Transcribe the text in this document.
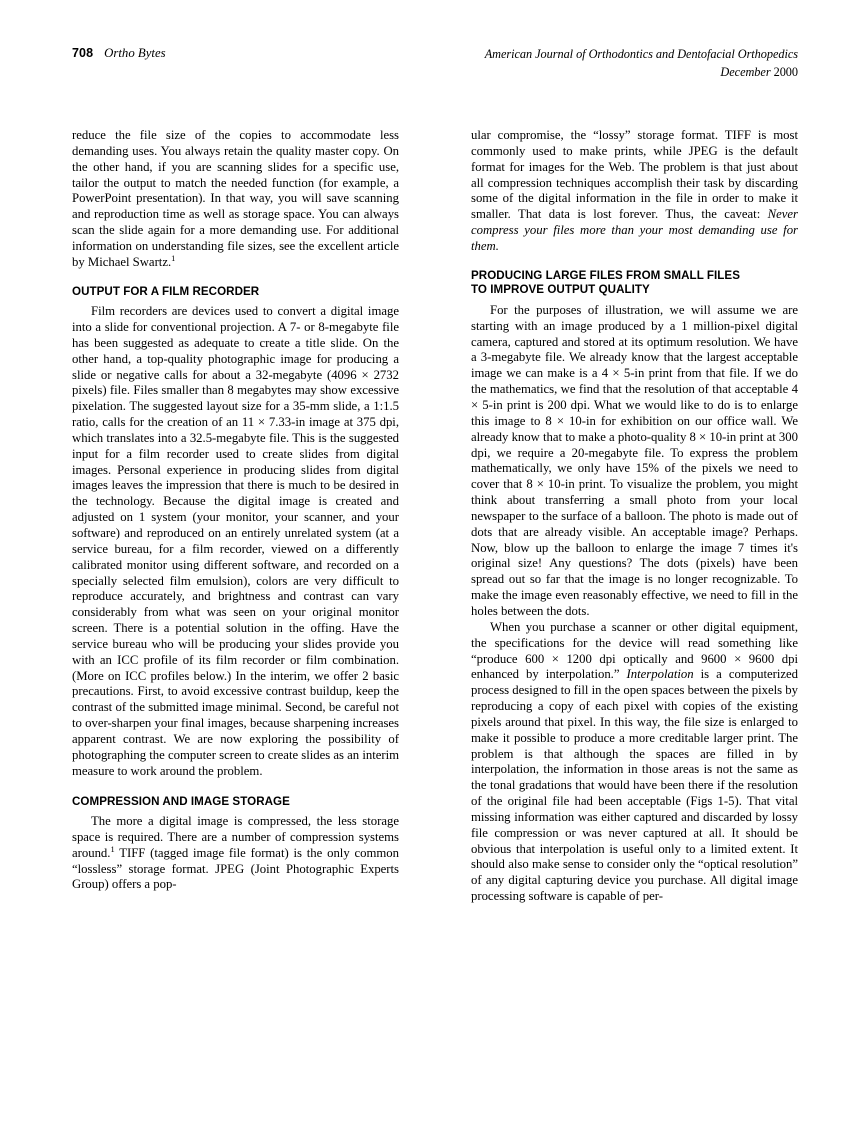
708 Ortho Bytes	American Journal of Orthodontics and Dentofacial Orthopedics
December 2000

reduce the file size of the copies to accommodate less demanding uses. You always retain the quality master copy. On the other hand, if you are scanning slides for a specific use, tailor the output to match the needed function (for example, a PowerPoint presentation). In that way, you will save scanning and reproduction time as well as storage space. You can always scan the slide again for a more demanding use. For additional information on understanding file sizes, see the excellent article by Michael Swartz.$^1$

OUTPUT FOR A FILM RECORDER

Film recorders are devices used to convert a digital image into a slide for conventional projection. A 7- or 8-megabyte file has been suggested as adequate to create a title slide. On the other hand, a top-quality photographic image for producing a slide or negative calls for about a 32-megabyte (4096 × 2732 pixels) file. Files smaller than 8 megabytes may show excessive pixelation. The suggested layout size for a 35-mm slide, a 1:1.5 ratio, calls for the creation of an 11 × 7.33-in image at 375 dpi, which translates into a 32.5-megabyte file. This is the suggested input for a film recorder used to create slides from digital images. Personal experience in producing slides from digital images leaves the impression that there is much to be desired in the technology. Because the digital image is created and adjusted on 1 system (your monitor, your scanner, and your software) and reproduced on an entirely unrelated system (at a service bureau, for a film recorder, viewed on a differently calibrated monitor using different software, and recorded on a specially selected film emulsion), colors are very difficult to reproduce accurately, and brightness and contrast can vary considerably from what was seen on your original monitor screen. There is a potential solution in the offing. Have the service bureau who will be producing your slides provide you with an ICC profile of its film recorder or film combination. (More on ICC profiles below.) In the interim, we offer 2 basic precautions. First, to avoid excessive contrast buildup, keep the contrast of the submitted image minimal. Second, be careful not to over-sharpen your final images, because sharpening increases apparent contrast. We are now exploring the possibility of photographing the computer screen to create slides as an interim measure to work around the problem.

COMPRESSION AND IMAGE STORAGE

The more a digital image is compressed, the less storage space is required. There are a number of compression systems around.$^1$ TIFF (tagged image file format) is the only common “lossless” storage format. JPEG (Joint Photographic Experts Group) offers a pop-

ular compromise, the “lossy” storage format. TIFF is most commonly used to make prints, while JPEG is the default format for images for the Web. The problem is that just about all compression techniques accomplish their task by discarding some of the digital information in the file in order to make it smaller. That data is lost forever. Thus, the caveat: Never compress your files more than your most demanding use for them.

PRODUCING LARGE FILES FROM SMALL FILES
TO IMPROVE OUTPUT QUALITY

For the purposes of illustration, we will assume we are starting with an image produced by a 1 million-pixel digital camera, captured and stored at its optimum resolution. We have a 3-megabyte file. We already know that the largest acceptable image we can make is a 4 × 5-in print from that file. If we do the mathematics, we find that the resolution of that acceptable 4 × 5-in print is 200 dpi. What we would like to do is to enlarge this image to 8 × 10-in for exhibition on our office wall. We already know that to make a photo-quality 8 × 10-in print at 300 dpi, we require a 20-megabyte file. To express the problem mathematically, we only have 15% of the pixels we need to cover that 8 × 10-in print. To visualize the problem, you might think about transferring a small photo from your local newspaper to the surface of a balloon. The photo is made out of dots that are already visible. An acceptable image? Perhaps. Now, blow up the balloon to enlarge the image 7 times it's original size! Any questions? The dots (pixels) have been spread out so far that the image is no longer recognizable. To make the image even reasonably effective, we need to fill in the holes between the dots.

When you purchase a scanner or other digital equipment, the specifications for the device will read something like “produce 600 × 1200 dpi optically and 9600 × 9600 dpi enhanced by interpolation.” Interpolation is a computerized process designed to fill in the open spaces between the pixels by reproducing a copy of each pixel with copies of the existing pixels around that pixel. In this way, the file size is enlarged to make it possible to produce a more creditable larger print. The problem is that although the spaces are filled in by interpolation, the information in those areas is not the same as the tonal gradations that would have been there if the resolution of the original file had been acceptable (Figs 1-5). That vital missing information was either captured and discarded by lossy file compression or was never captured at all. It should be obvious that interpolation is useful only to a limited extent. It should also make sense to consider only the “optical resolution” of any digital capturing device you purchase. All digital image processing software is capable of per-
